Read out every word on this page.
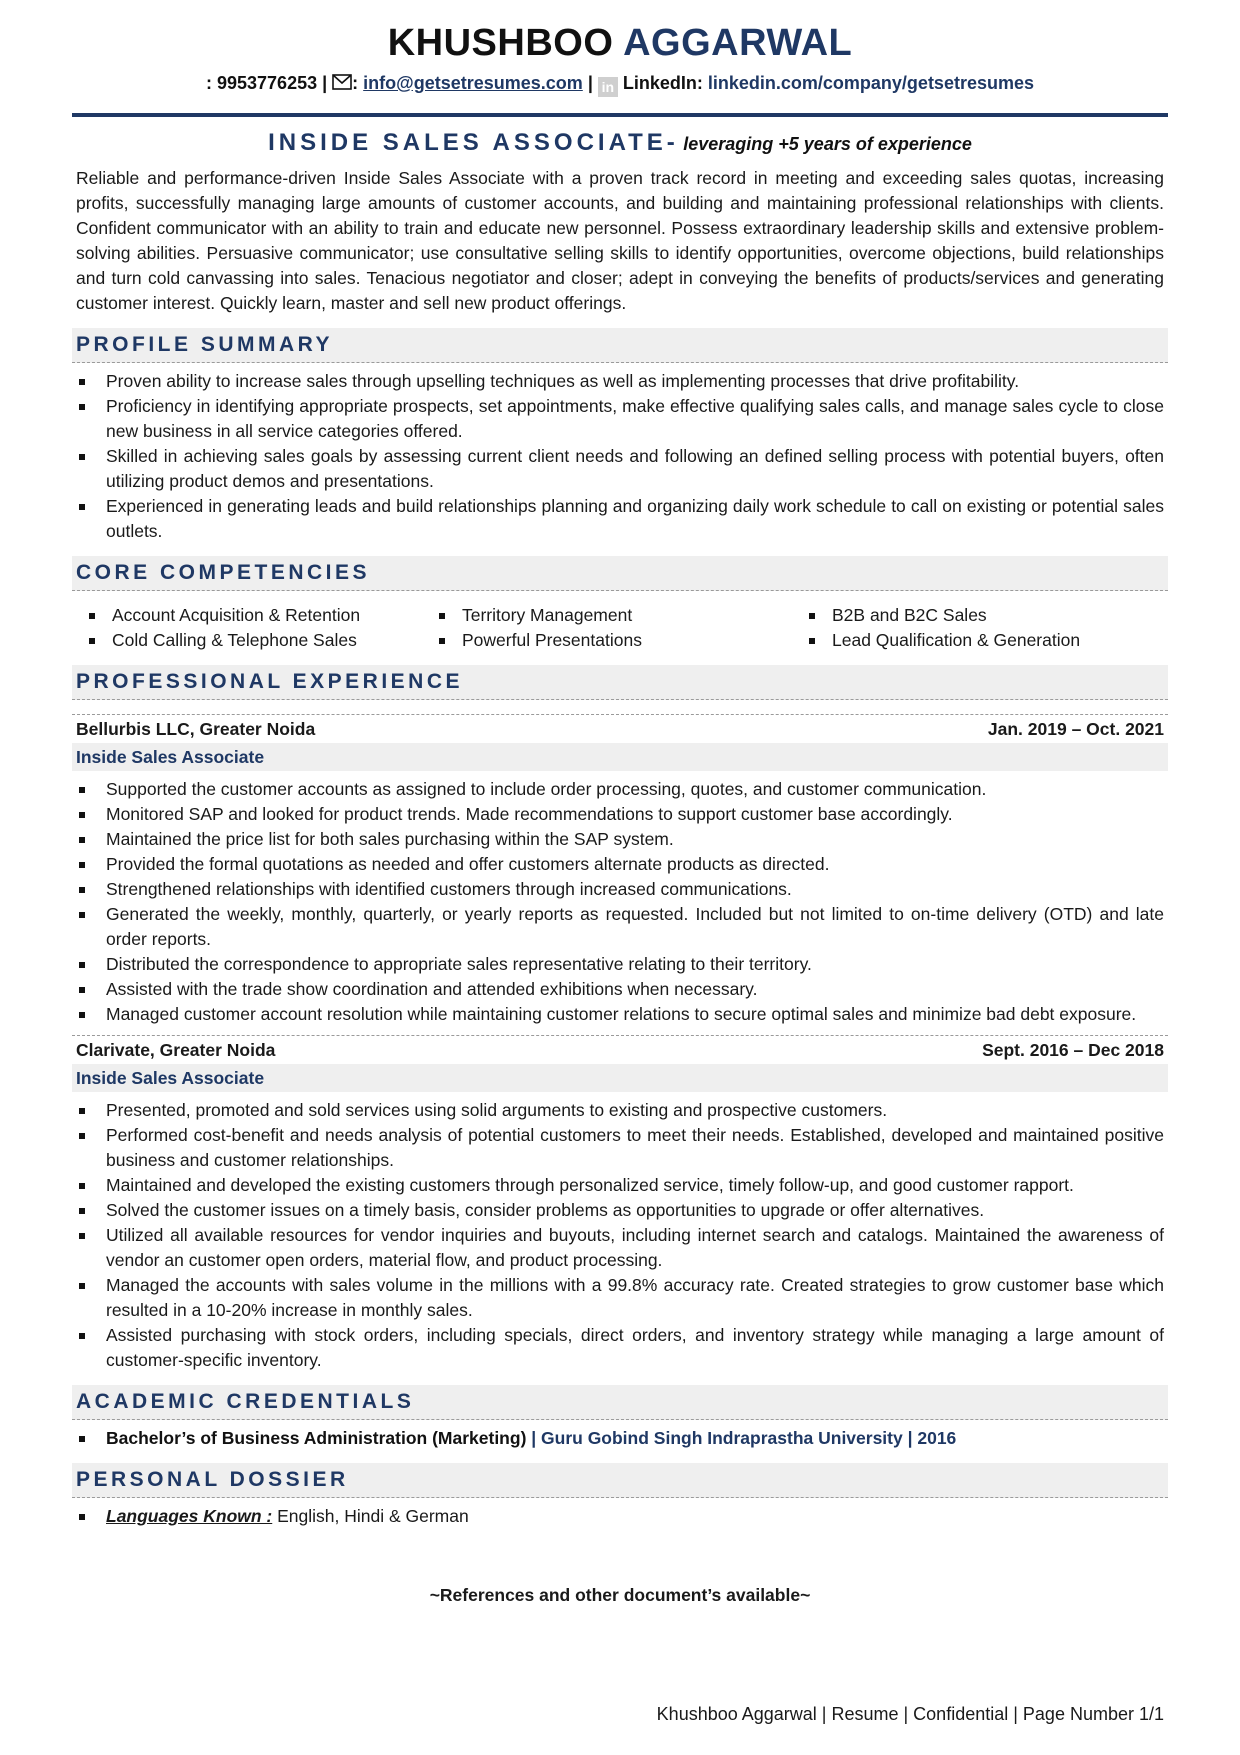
KHUSHBOO AGGARWAL
: 9953776253 | : info@getsetresumes.com | in LinkedIn: linkedin.com/company/getsetresumes
INSIDE SALES ASSOCIATE- leveraging +5 years of experience

Reliable and performance-driven Inside Sales Associate with a proven track record in meeting and exceeding sales quotas, increasing profits, successfully managing large amounts of customer accounts, and building and maintaining professional relationships with clients. Confident communicator with an ability to train and educate new personnel. Possess extraordinary leadership skills and extensive problem-solving abilities. Persuasive communicator; use consultative selling skills to identify opportunities, overcome objections, build relationships and turn cold canvassing into sales. Tenacious negotiator and closer; adept in conveying the benefits of products/services and generating customer interest. Quickly learn, master and sell new product offerings.

PROFILE SUMMARY
Proven ability to increase sales through upselling techniques as well as implementing processes that drive profitability.
Proficiency in identifying appropriate prospects, set appointments, make effective qualifying sales calls, and manage sales cycle to close new business in all service categories offered.
Skilled in achieving sales goals by assessing current client needs and following an defined selling process with potential buyers, often utilizing product demos and presentations.
Experienced in generating leads and build relationships planning and organizing daily work schedule to call on existing or potential sales outlets.
CORE COMPETENCIES
Account Acquisition & Retention	Territory Management	B2B and B2C Sales
Cold Calling & Telephone Sales	Powerful Presentations	Lead Qualification & Generation
PROFESSIONAL EXPERIENCE
Bellurbis LLC, Greater Noida	Jan. 2019 – Oct. 2021
Inside Sales Associate
Supported the customer accounts as assigned to include order processing, quotes, and customer communication.
Monitored SAP and looked for product trends. Made recommendations to support customer base accordingly.
Maintained the price list for both sales purchasing within the SAP system.
Provided the formal quotations as needed and offer customers alternate products as directed.
Strengthened relationships with identified customers through increased communications.
Generated the weekly, monthly, quarterly, or yearly reports as requested. Included but not limited to on-time delivery (OTD) and late order reports.
Distributed the correspondence to appropriate sales representative relating to their territory.
Assisted with the trade show coordination and attended exhibitions when necessary.
Managed customer account resolution while maintaining customer relations to secure optimal sales and minimize bad debt exposure.
Clarivate, Greater Noida	Sept. 2016 – Dec 2018
Inside Sales Associate
Presented, promoted and sold services using solid arguments to existing and prospective customers.
Performed cost-benefit and needs analysis of potential customers to meet their needs. Established, developed and maintained positive business and customer relationships.
Maintained and developed the existing customers through personalized service, timely follow-up, and good customer rapport.
Solved the customer issues on a timely basis, consider problems as opportunities to upgrade or offer alternatives.
Utilized all available resources for vendor inquiries and buyouts, including internet search and catalogs. Maintained the awareness of vendor an customer open orders, material flow, and product processing.
Managed the accounts with sales volume in the millions with a 99.8% accuracy rate. Created strategies to grow customer base which resulted in a 10-20% increase in monthly sales.
Assisted purchasing with stock orders, including specials, direct orders, and inventory strategy while managing a large amount of customer-specific inventory.
ACADEMIC CREDENTIALS
Bachelor’s of Business Administration (Marketing) | Guru Gobind Singh Indraprastha University | 2016
PERSONAL DOSSIER
Languages Known : English, Hindi & German
~References and other document’s available~
Khushboo Aggarwal | Resume | Confidential | Page Number 1/1
